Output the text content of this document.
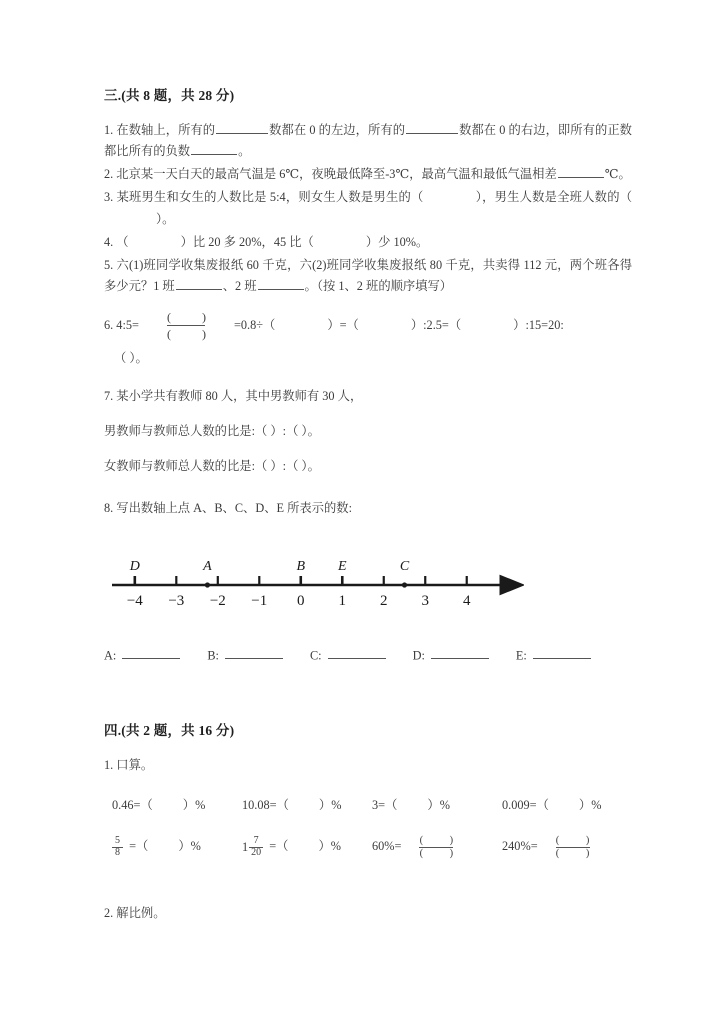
三.(共 8 题，共 28 分)

1. 在数轴上，所有的	数都在 0 的左边，所有的	数都在 0 的右边，即所有的正数都比所有的负数	。

2. 北京某一天白天的最高气温是 6℃，夜晚最低降至-3℃，最高气温和最低气温相差	℃。

3. 某班男生和女生的人数比是 5:4，则女生人数是男生的（	），男生人数是全班人数的（）。

4. （	）比 20 多 20%，45 比（	）少 10%。

5. 六(1)班同学收集废报纸 60 千克，六(2)班同学收集废报纸 80 千克，共卖得 112 元，两个班各得多少元？1 班	、2 班	。（按 1、2 班的顺序填写）

6. 4:5= $\frac{( )}{( )} =0.8\div$（	）=（	）:2.5=（	）:15=20:
（ ）。

7. 某小学共有教师 80 人，其中男教师有 30 人，

男教师与教师总人数的比是:（ ）:（ ）。

女教师与教师总人数的比是:（ ）:（ ）。

8. 写出数轴上点 A、B、C、D、E 所表示的数:

−4 −3 −2 −1 0 1 2 3 4
D	A	B E	C
A:	B:	C:	D:	E:
四.(共 2 题，共 16 分)

1. 口算。

0.46=（ ）%	10.08=（ ）%	3=（ ）%	0.009=（ ）%
$\frac{5}{8}$ =（ ）%	$1 \frac{7}{20}$ =（ ）%	$60\%= \frac{( )}{( )}$	$240\%= \frac{( )}{( )}$

2. 解比例。
